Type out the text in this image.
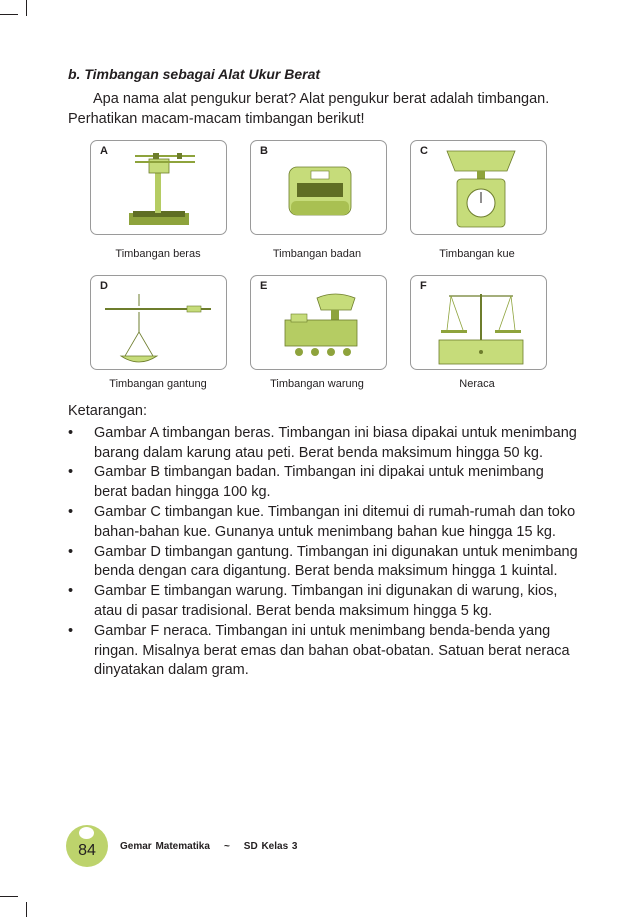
b. Timbangan sebagai Alat Ukur Berat
Apa nama alat pengukur berat? Alat pengukur berat adalah timbangan.
Perhatikan macam-macam timbangan berikut!
A
Timbangan beras
B
Timbangan badan
C
Timbangan kue
D
Timbangan gantung
E
Timbangan warung
F
Neraca
Ketarangan:
• Gambar A timbangan beras. Timbangan ini biasa dipakai untuk menimbang barang dalam karung atau peti. Berat benda maksimum hingga 50 kg.
• Gambar B timbangan badan. Timbangan ini dipakai untuk menimbang berat badan hingga 100 kg.
• Gambar C timbangan kue. Timbangan ini ditemui di rumah-rumah dan toko bahan-bahan kue. Gunanya untuk menimbang bahan kue hingga 15 kg.
• Gambar D timbangan gantung. Timbangan ini digunakan untuk menimbang benda dengan cara digantung. Berat benda maksimum hingga 1 kuintal.
• Gambar E timbangan warung. Timbangan ini digunakan di warung, kios, atau di pasar tradisional. Berat benda maksimum hingga 5 kg.
• Gambar F neraca. Timbangan ini untuk menimbang benda-benda yang ringan. Misalnya berat emas dan bahan obat-obatan. Satuan berat neraca dinyatakan dalam gram.
84	Gemar Matematika ~ SD Kelas 3
